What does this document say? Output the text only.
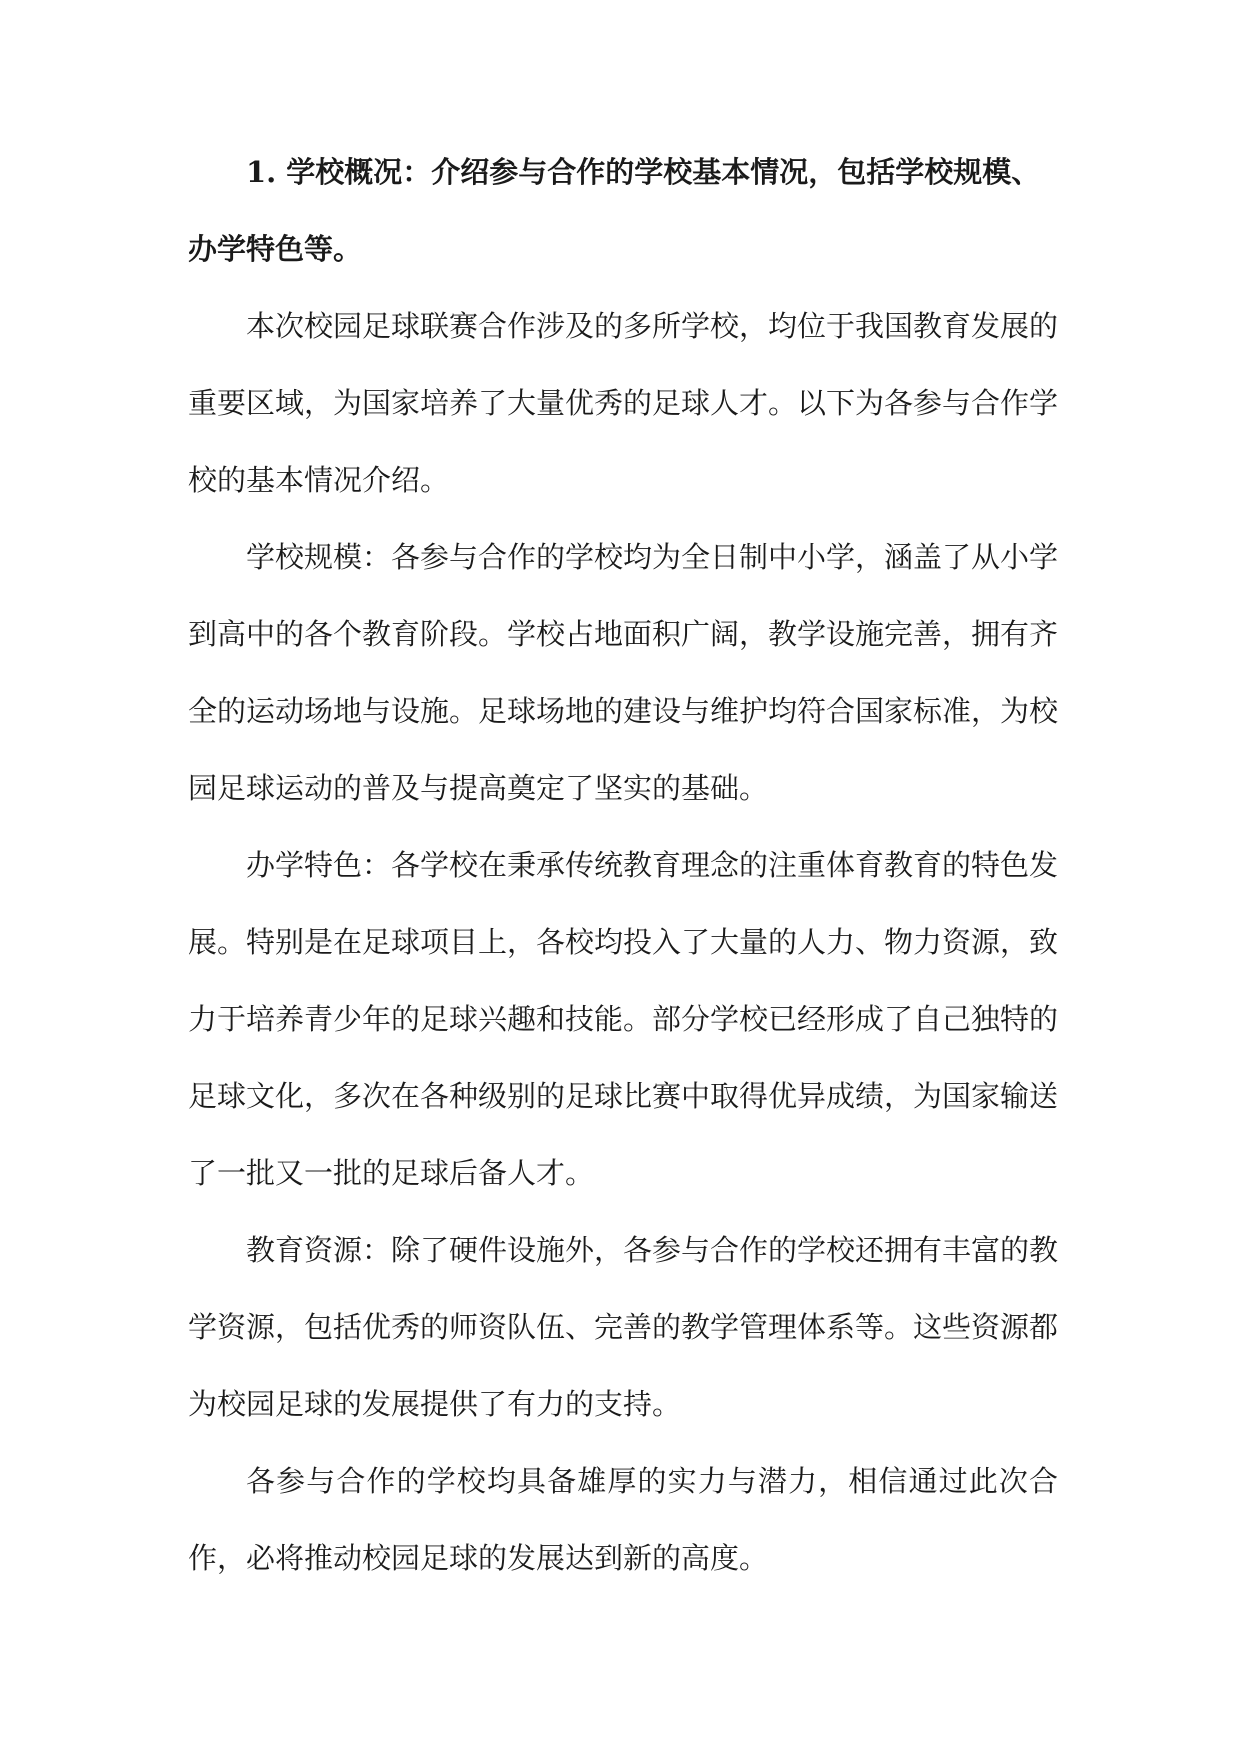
1. 学校概况：介绍参与合作的学校基本情况，包括学校规模、办学特色等。

本次校园足球联赛合作涉及的多所学校，均位于我国教育发展的重要区域，为国家培养了大量优秀的足球人才。以下为各参与合作学校的基本情况介绍。

学校规模：各参与合作的学校均为全日制中小学，涵盖了从小学到高中的各个教育阶段。学校占地面积广阔，教学设施完善，拥有齐全的运动场地与设施。足球场地的建设与维护均符合国家标准，为校园足球运动的普及与提高奠定了坚实的基础。

办学特色：各学校在秉承传统教育理念的注重体育教育的特色发展。特别是在足球项目上，各校均投入了大量的人力、物力资源，致力于培养青少年的足球兴趣和技能。部分学校已经形成了自己独特的足球文化，多次在各种级别的足球比赛中取得优异成绩，为国家输送了一批又一批的足球后备人才。

教育资源：除了硬件设施外，各参与合作的学校还拥有丰富的教学资源，包括优秀的师资队伍、完善的教学管理体系等。这些资源都为校园足球的发展提供了有力的支持。

各参与合作的学校均具备雄厚的实力与潜力，相信通过此次合作，必将推动校园足球的发展达到新的高度。
